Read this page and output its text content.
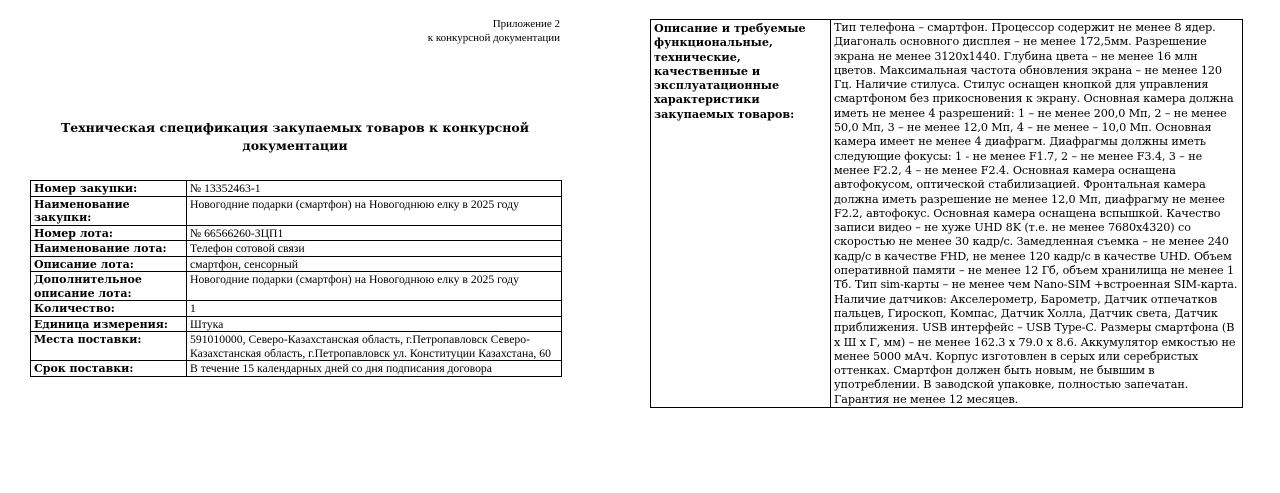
Приложение 2
к конкурсной документации
Техническая спецификация закупаемых товаров к конкурсной документации
Номер закупки:	№ 13352463-1
Наименование закупки:	Новогодние подарки (смартфон) на Новогоднюю елку в 2025 году
Номер лота:	№ 66566260-ЗЦП1
Наименование лота:	Телефон сотовой связи
Описание лота:	смартфон, сенсорный
Дополнительное описание лота:	Новогодние подарки (смартфон) на Новогоднюю елку в 2025 году
Количество:	1
Единица измерения:	Штука
Места поставки:	591010000, Северо-Казахстанская область, г.Петропавловск Северо-Казахстанская область, г.Петропавловск ул. Конституции Казахстана, 60
Срок поставки:	В течение 15 календарных дней со дня подписания договора
Описание и требуемые функциональные, технические, качественные и эксплуатационные характеристики закупаемых товаров:	Тип телефона – смартфон. Процессор содержит не менее 8 ядер. Диагональ основного дисплея – не менее 172,5мм. Разрешение экрана не менее 3120х1440. Глубина цвета – не менее 16 млн цветов. Максимальная частота обновления экрана – не менее 120 Гц. Наличие стилуса. Стилус оснащен кнопкой для управления смартфоном без прикосновения к экрану. Основная камера должна иметь не менее 4 разрешений: 1 – не менее 200,0 Мп, 2 – не менее 50,0 Мп, 3 – не менее 12,0 Мп, 4 – не менее – 10,0 Мп. Основная камера имеет не менее 4 диафрагм. Диафрагмы должны иметь следующие фокусы: 1 - не менее F1.7, 2 – не менее F3.4, 3 – не менее F2.2, 4 – не менее F2.4. Основная камера оснащена автофокусом, оптической стабилизацией. Фронтальная камера должна иметь разрешение не менее 12,0 Мп, диафрагму не менее F2.2, автофокус. Основная камера оснащена вспышкой. Качество записи видео – не хуже UHD 8K (т.е. не менее 7680x4320) со скоростью не менее 30 кадр/с. Замедленная съемка – не менее 240 кадр/с в качестве FHD, не менее 120 кадр/с в качестве UHD. Объем оперативной памяти – не менее 12 Гб, объем хранилища не менее 1 Тб. Тип sim-карты – не менее чем Nano-SIM +встроенная SIM-карта. Наличие датчиков: Акселерометр, Барометр, Датчик отпечатков пальцев, Гироскоп, Компас, Датчик Холла, Датчик света, Датчик приближения. USB интерфейс – USB Type-C. Размеры смартфона (В х Ш х Г, мм) – не менее 162.3 x 79.0 x 8.6. Аккумулятор емкостью не менее 5000 мАч. Корпус изготовлен в серых или серебристых оттенках. Смартфон должен быть новым, не бывшим в употреблении. В заводской упаковке, полностью запечатан. Гарантия не менее 12 месяцев.
